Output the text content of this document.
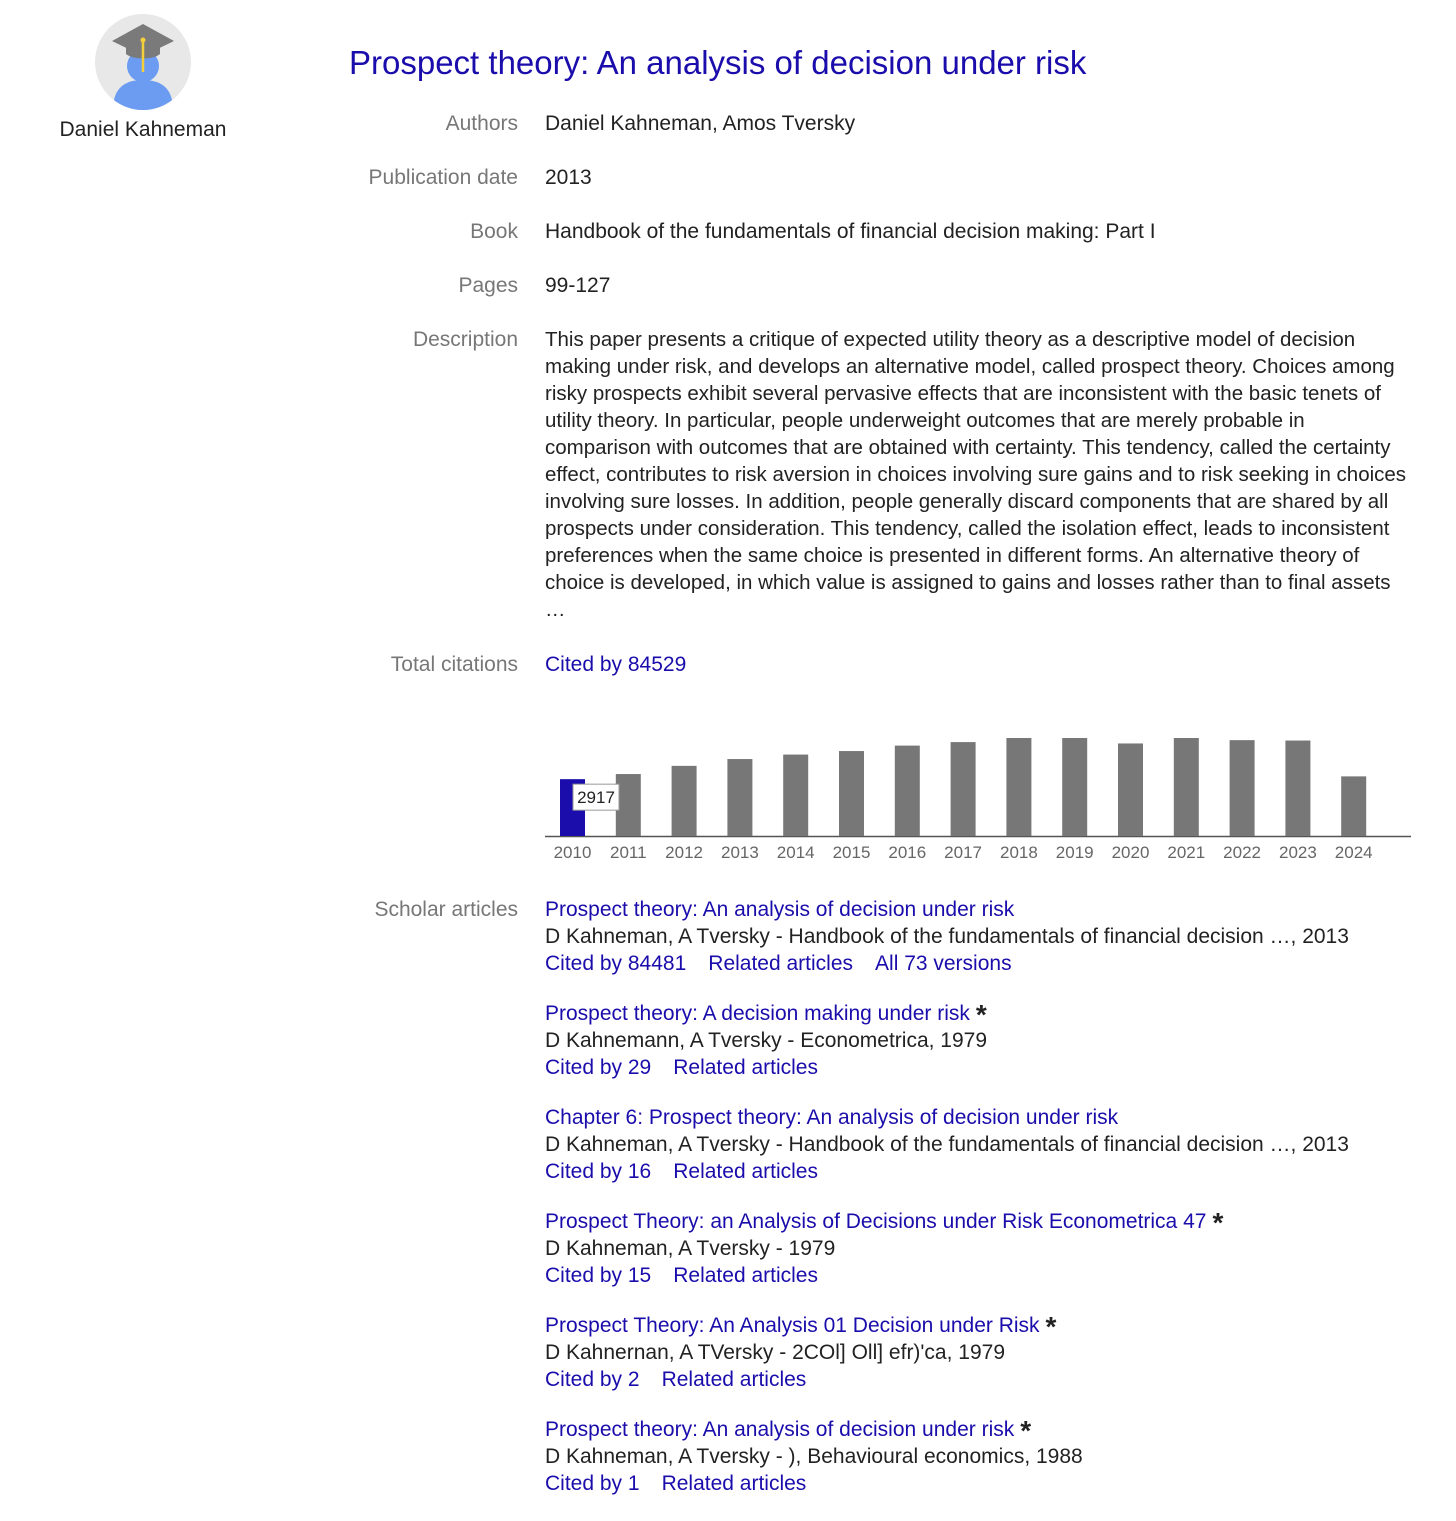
Daniel Kahneman
Prospect theory: An analysis of decision under risk
Authors Daniel Kahneman, Amos Tversky
Publication date 2013
Book Handbook of the fundamentals of financial decision making: Part I
Pages 99-127
Description This paper presents a critique of expected utility theory as a descriptive model of decision making under risk, and develops an alternative model, called prospect theory. Choices among risky prospects exhibit several pervasive effects that are inconsistent with the basic tenets of utility theory. In particular, people underweight outcomes that are merely probable in comparison with outcomes that are obtained with certainty. This tendency, called the certainty effect, contributes to risk aversion in choices involving sure gains and to risk seeking in choices involving sure losses. In addition, people generally discard components that are shared by all prospects under consideration. This tendency, called the isolation effect, leads to inconsistent preferences when the same choice is presented in different forms. An alternative theory of choice is developed, in which value is assigned to gains and losses rather than to final assets …
Total citations Cited by 84529
2010 2011 2012 2013 2014 2015 2016 2017 2018 2019 2020 2021 2022 2023 2024
2917
Scholar articles Prospect theory: An analysis of decision under risk
D Kahneman, A Tversky - Handbook of the fundamentals of financial decision …, 2013
Cited by 84481 Related articles All 73 versions
Prospect theory: A decision making under risk *
D Kahnemann, A Tversky - Econometrica, 1979
Cited by 29 Related articles
Chapter 6: Prospect theory: An analysis of decision under risk
D Kahneman, A Tversky - Handbook of the fundamentals of financial decision …, 2013
Cited by 16 Related articles
Prospect Theory: an Analysis of Decisions under Risk Econometrica 47 *
D Kahneman, A Tversky - 1979
Cited by 15 Related articles
Prospect Theory: An Analysis 01 Decision under Risk *
D Kahnernan, A TVersky - 2COl] Oll] efr)'ca, 1979
Cited by 2 Related articles
Prospect theory: An analysis of decision under risk *
D Kahneman, A Tversky - ), Behavioural economics, 1988
Cited by 1 Related articles
